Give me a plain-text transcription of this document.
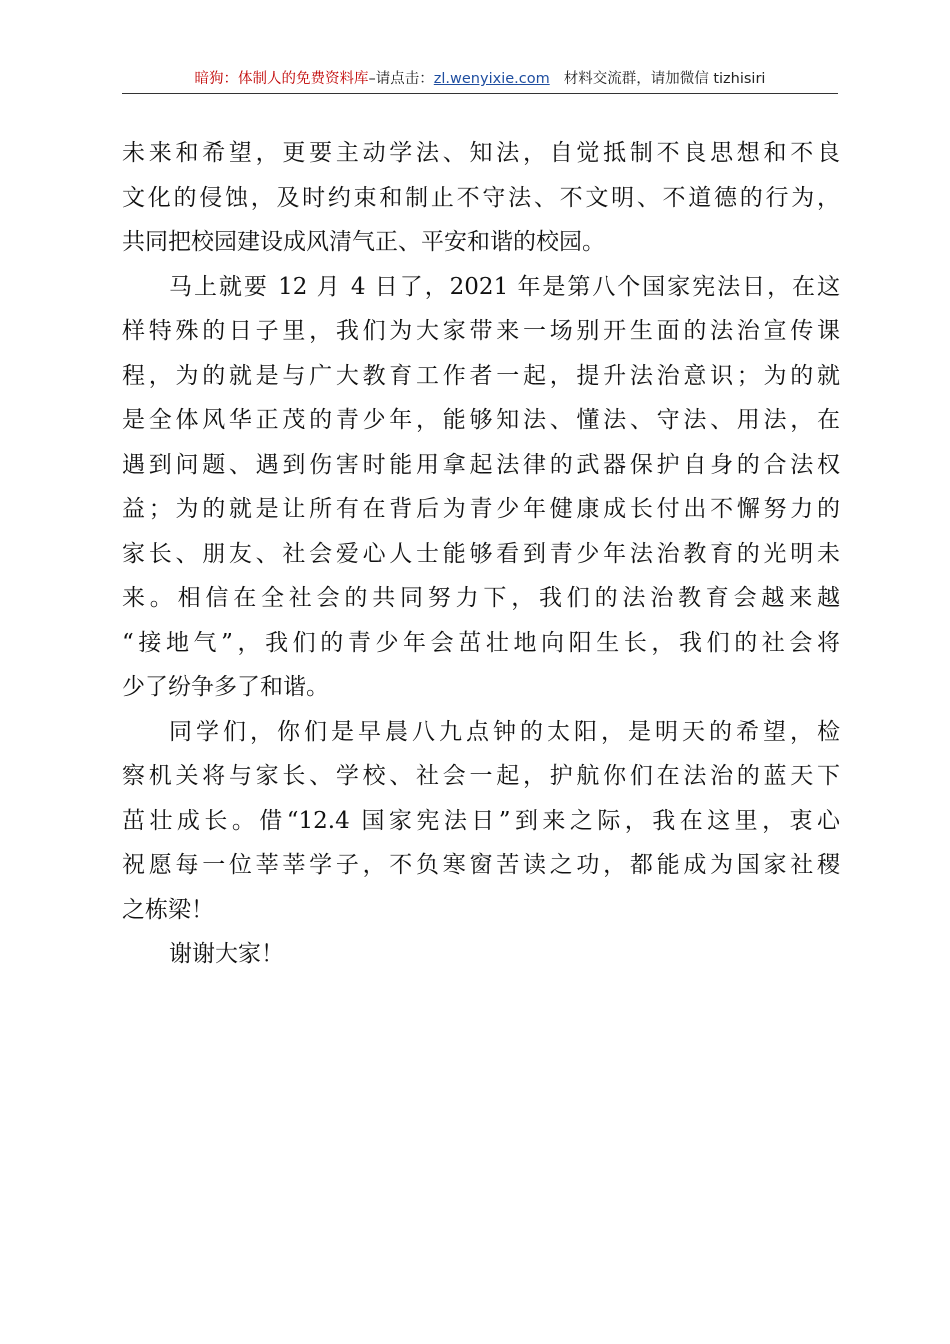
暗狗：体制人的免费资料库–请点击：zl.wenyixie.com 材料交流群，请加微信 tizhisiri
未来和希望，更要主动学法、知法，自觉抵制不良思想和不良
文化的侵蚀，及时约束和制止不守法、不文明、不道德的行为，
共同把校园建设成风清气正、平安和谐的校园。
马上就要 12 月 4 日了，2021 年是第八个国家宪法日，在这
样特殊的日子里，我们为大家带来一场别开生面的法治宣传课
程，为的就是与广大教育工作者一起，提升法治意识；为的就
是全体风华正茂的青少年，能够知法、懂法、守法、用法，在
遇到问题、遇到伤害时能用拿起法律的武器保护自身的合法权
益；为的就是让所有在背后为青少年健康成长付出不懈努力的
家长、朋友、社会爱心人士能够看到青少年法治教育的光明未
来。相信在全社会的共同努力下，我们的法治教育会越来越
“接地气”，我们的青少年会茁壮地向阳生长，我们的社会将
少了纷争多了和谐。
同学们，你们是早晨八九点钟的太阳，是明天的希望，检
察机关将与家长、学校、社会一起，护航你们在法治的蓝天下
茁壮成长。借“12.4 国家宪法日”到来之际，我在这里，衷心
祝愿每一位莘莘学子，不负寒窗苦读之功，都能成为国家社稷
之栋梁！
谢谢大家！
